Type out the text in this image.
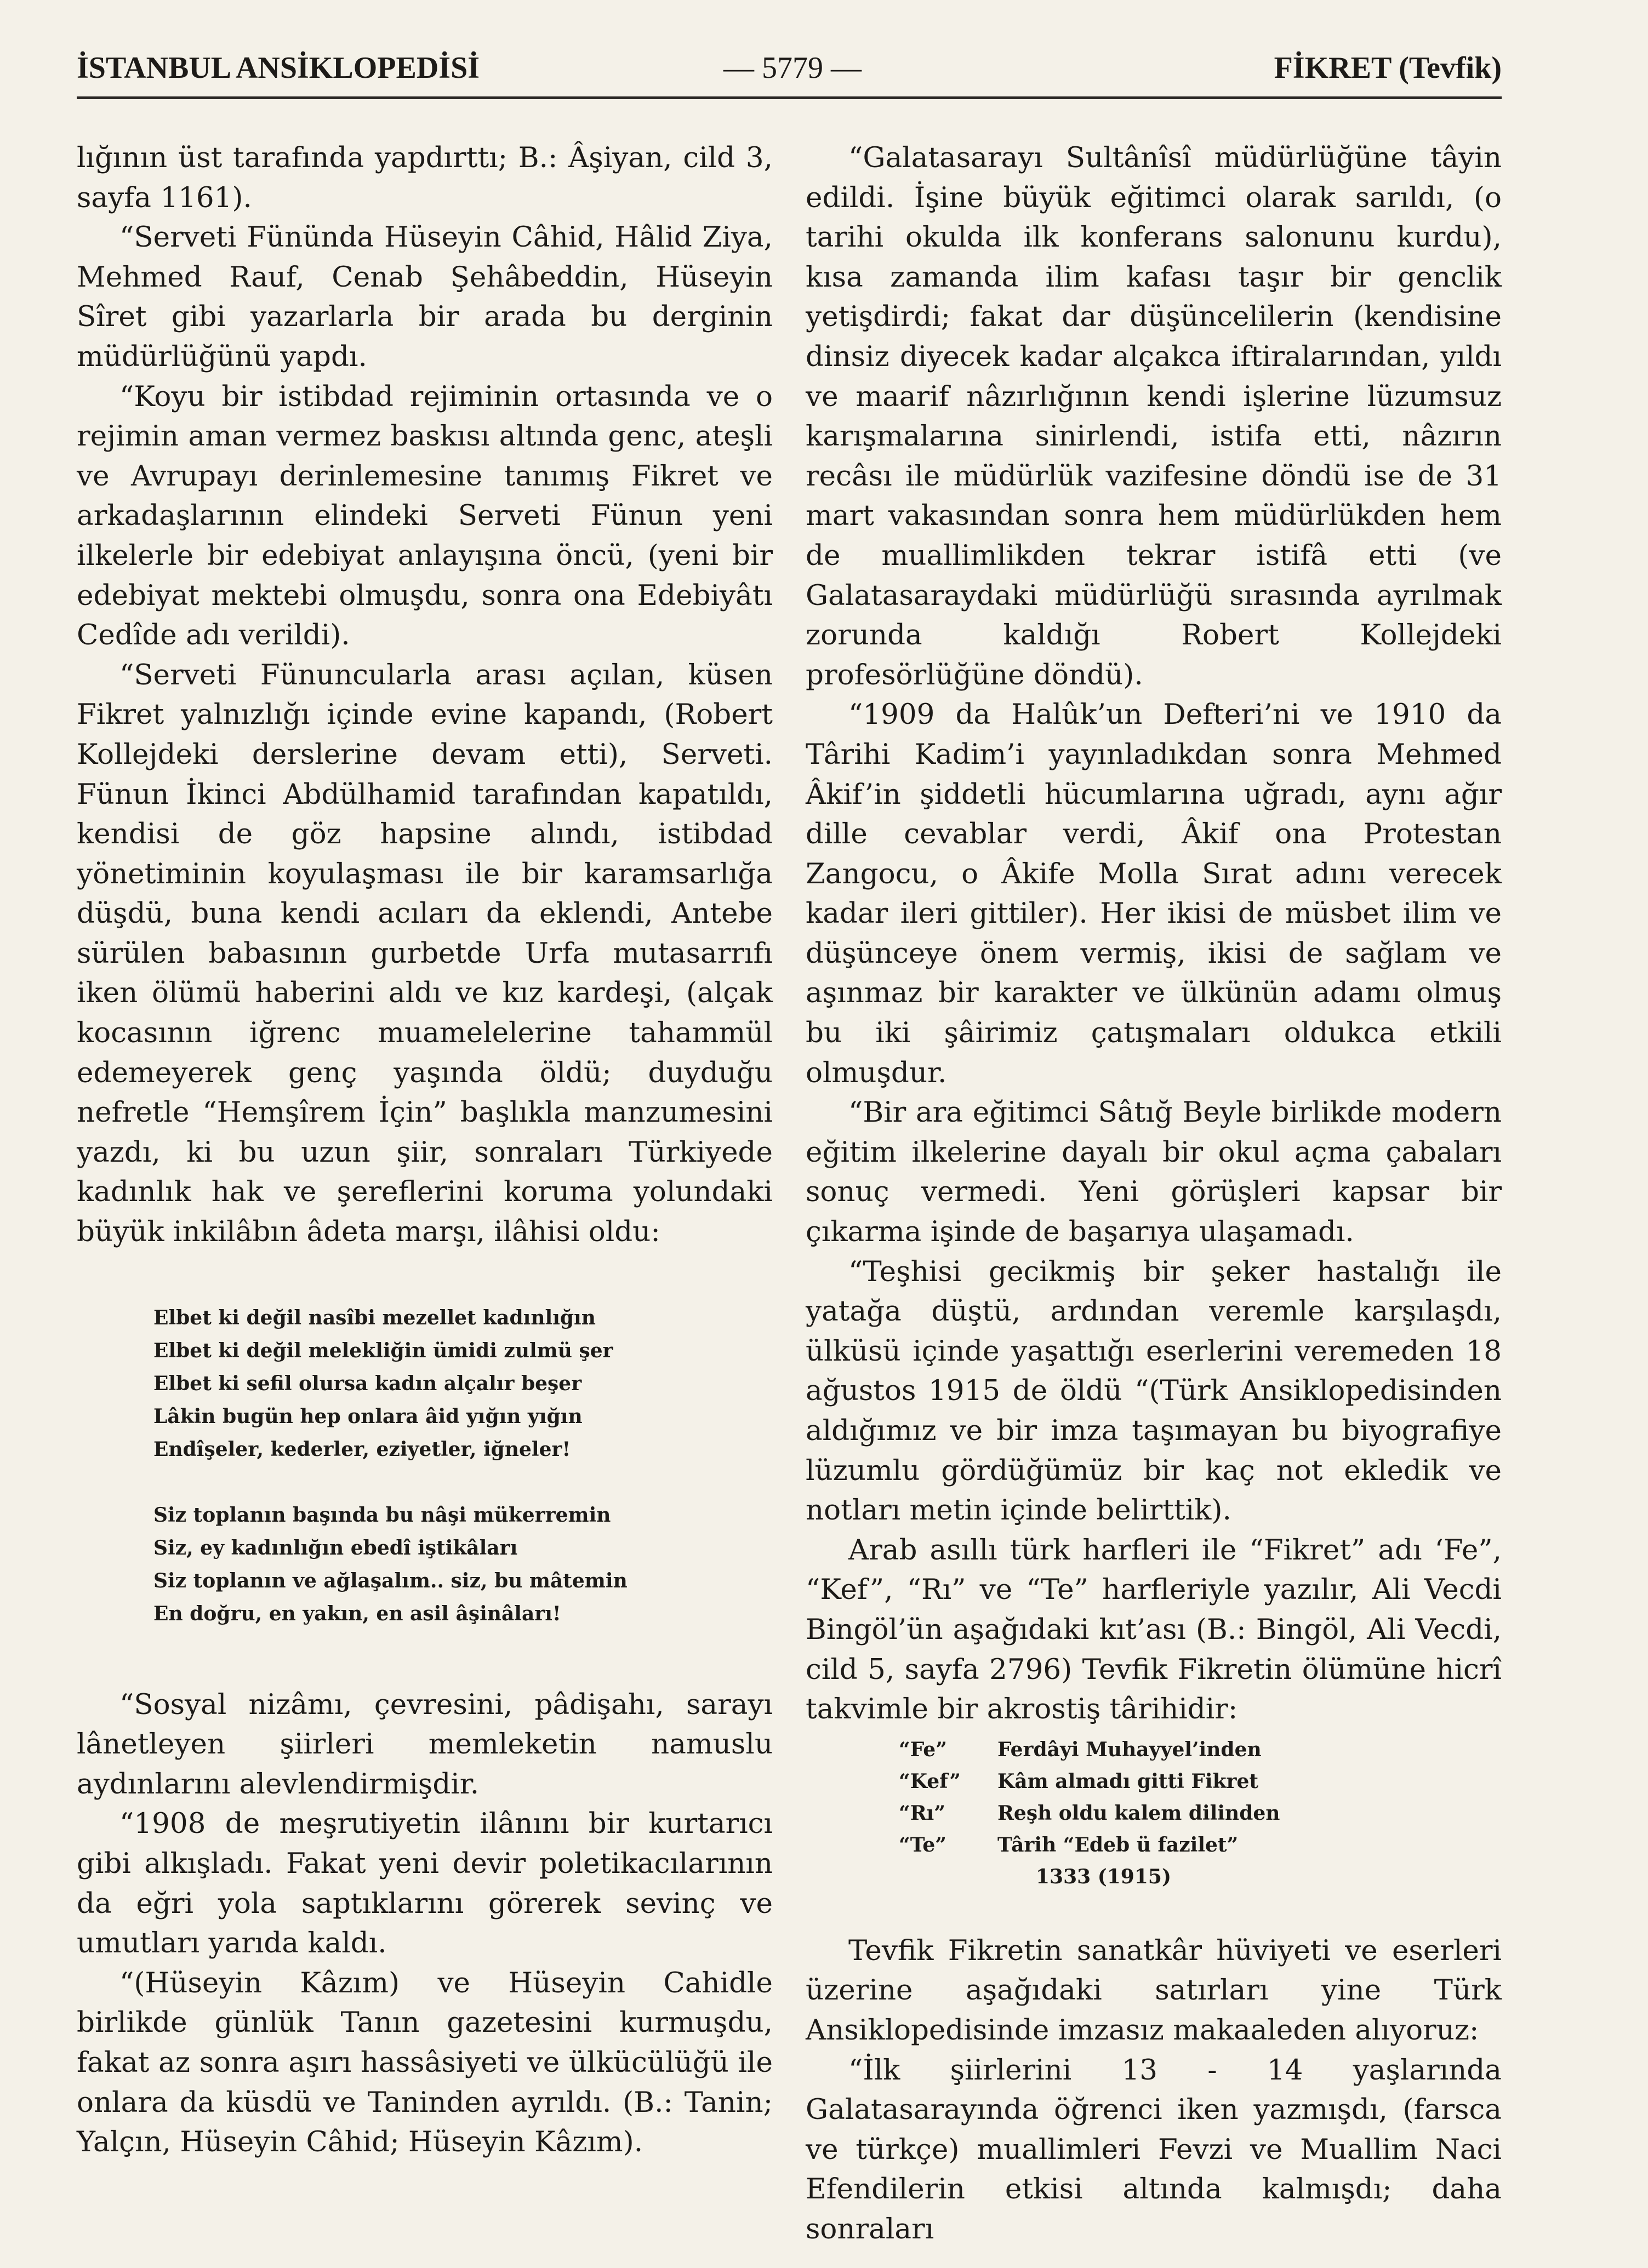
İSTANBUL ANSİKLOPEDİSİ	— 5779 —	FİKRET (Tevfik)

lığının üst tarafında yapdırttı; B.: Âşiyan, cild 3, sayfa 1161).

“Serveti Fününda Hüseyin Câhid, Hâlid Ziya, Mehmed Rauf, Cenab Şehâbeddin, Hüseyin Sîret gibi yazarlarla bir arada bu derginin müdürlüğünü yapdı.

“Koyu bir istibdad rejiminin ortasında ve o rejimin aman vermez baskısı altında genc, ateşli ve Avrupayı derinlemesine tanımış Fikret ve arkadaşlarının elindeki Serveti Fünun yeni ilkelerle bir edebiyat anlayışına öncü, (yeni bir edebiyat mektebi olmuşdu, sonra ona Edebiyâtı Cedîde adı verildi).

“Serveti Fünuncularla arası açılan, küsen Fikret yalnızlığı içinde evine kapandı, (Robert Kollejdeki derslerine devam etti), Serveti. Fünun İkinci Abdülhamid tarafından kapatıldı, kendisi de göz hapsine alındı, istibdad yönetiminin koyulaşması ile bir karamsarlığa düşdü, buna kendi acıları da eklendi, Antebe sürülen babasının gurbetde Urfa mutasarrıfı iken ölümü haberini aldı ve kız kardeşi, (alçak kocasının iğrenc muamelelerine tahammül edemeyerek genç yaşında öldü; duyduğu nefretle “Hemşîrem İçin” başlıkla manzumesini yazdı, ki bu uzun şiir, sonraları Türkiyede kadınlık hak ve şereflerini koruma yolundaki büyük inkilâbın âdeta marşı, ilâhisi oldu:

Elbet ki değil nasîbi mezellet kadınlığın
Elbet ki değil melekliğin ümidi zulmü şer
Elbet ki sefil olursa kadın alçalır beşer
Lâkin bugün hep onlara âid yığın yığın
Endîşeler, kederler, eziyetler, iğneler!
Siz toplanın başında bu nâşi mükerremin
Siz, ey kadınlığın ebedî iştikâları
Siz toplanın ve ağlaşalım.. siz, bu mâtemin
En doğru, en yakın, en asil âşinâları!

“Sosyal nizâmı, çevresini, pâdişahı, sarayı lânetleyen şiirleri memleketin namuslu aydınlarını alevlendirmişdir.

“1908 de meşrutiyetin ilânını bir kurtarıcı gibi alkışladı. Fakat yeni devir poletikacılarının da eğri yola saptıklarını görerek sevinç ve umutları yarıda kaldı.

“(Hüseyin Kâzım) ve Hüseyin Cahidle birlikde günlük Tanın gazetesini kurmuşdu, fakat az sonra aşırı hassâsiyeti ve ülkücülüğü ile onlara da küsdü ve Taninden ayrıldı. (B.: Tanin; Yalçın, Hüseyin Câhid; Hüseyin Kâzım).

“Galatasarayı Sultânîsî müdürlüğüne tâyin edildi. İşine büyük eğitimci olarak sarıldı, (o tarihi okulda ilk konferans salonunu kurdu), kısa zamanda ilim kafası taşır bir genclik yetişdirdi; fakat dar düşüncelilerin (kendisine dinsiz diyecek kadar alçakca iftiralarından, yıldı ve maarif nâzırlığının kendi işlerine lüzumsuz karışmalarına sinirlendi, istifa etti, nâzırın recâsı ile müdürlük vazifesine döndü ise de 31 mart vakasından sonra hem müdürlükden hem de muallimlikden tekrar istifâ etti (ve Galatasaraydaki müdürlüğü sırasında ayrılmak zorunda kaldığı Robert Kollejdeki profesörlüğüne döndü).

“1909 da Halûk’un Defteri’ni ve 1910 da Târihi Kadim’i yayınladıkdan sonra Mehmed Âkif’in şiddetli hücumlarına uğradı, aynı ağır dille cevablar verdi, Âkif ona Protestan Zangocu, o Âkife Molla Sırat adını verecek kadar ileri gittiler). Her ikisi de müsbet ilim ve düşünceye önem vermiş, ikisi de sağlam ve aşınmaz bir karakter ve ülkünün adamı olmuş bu iki şâirimiz çatışmaları oldukca etkili olmuşdur.

“Bir ara eğitimci Sâtığ Beyle birlikde modern eğitim ilkelerine dayalı bir okul açma çabaları sonuç vermedi. Yeni görüşleri kapsar bir çıkarma işinde de başarıya ulaşamadı.

“Teşhisi gecikmiş bir şeker hastalığı ile yatağa düştü, ardından veremle karşılaşdı, ülküsü içinde yaşattığı eserlerini veremeden 18 ağustos 1915 de öldü “(Türk Ansiklopedisinden aldığımız ve bir imza taşımayan bu biyografiye lüzumlu gördüğümüz bir kaç not ekledik ve notları metin içinde belirttik).

Arab asıllı türk harfleri ile “Fikret” adı ‘Fe”, “Kef”, “Rı” ve “Te” harfleriyle yazılır, Ali Vecdi Bingöl’ün aşağıdaki kıt’ası (B.: Bingöl, Ali Vecdi, cild 5, sayfa 2796) Tevfik Fikretin ölümüne hicrî takvimle bir akrostiş târihidir:

“Fe”	Ferdâyi Muhayyel’inden
“Kef”	Kâm almadı gitti Fikret
“Rı”	Reşh oldu kalem dilinden
“Te”	Târih “Edeb ü fazilet”
1333 (1915)

Tevfik Fikretin sanatkâr hüviyeti ve eserleri üzerine aşağıdaki satırları yine Türk Ansiklopedisinde imzasız makaaleden alıyoruz:

“İlk şiirlerini 13 - 14 yaşlarında Galatasarayında öğrenci iken yazmışdı, (farsca ve türkçe) muallimleri Fevzi ve Muallim Naci Efendilerin etkisi altında kalmışdı; daha sonraları
